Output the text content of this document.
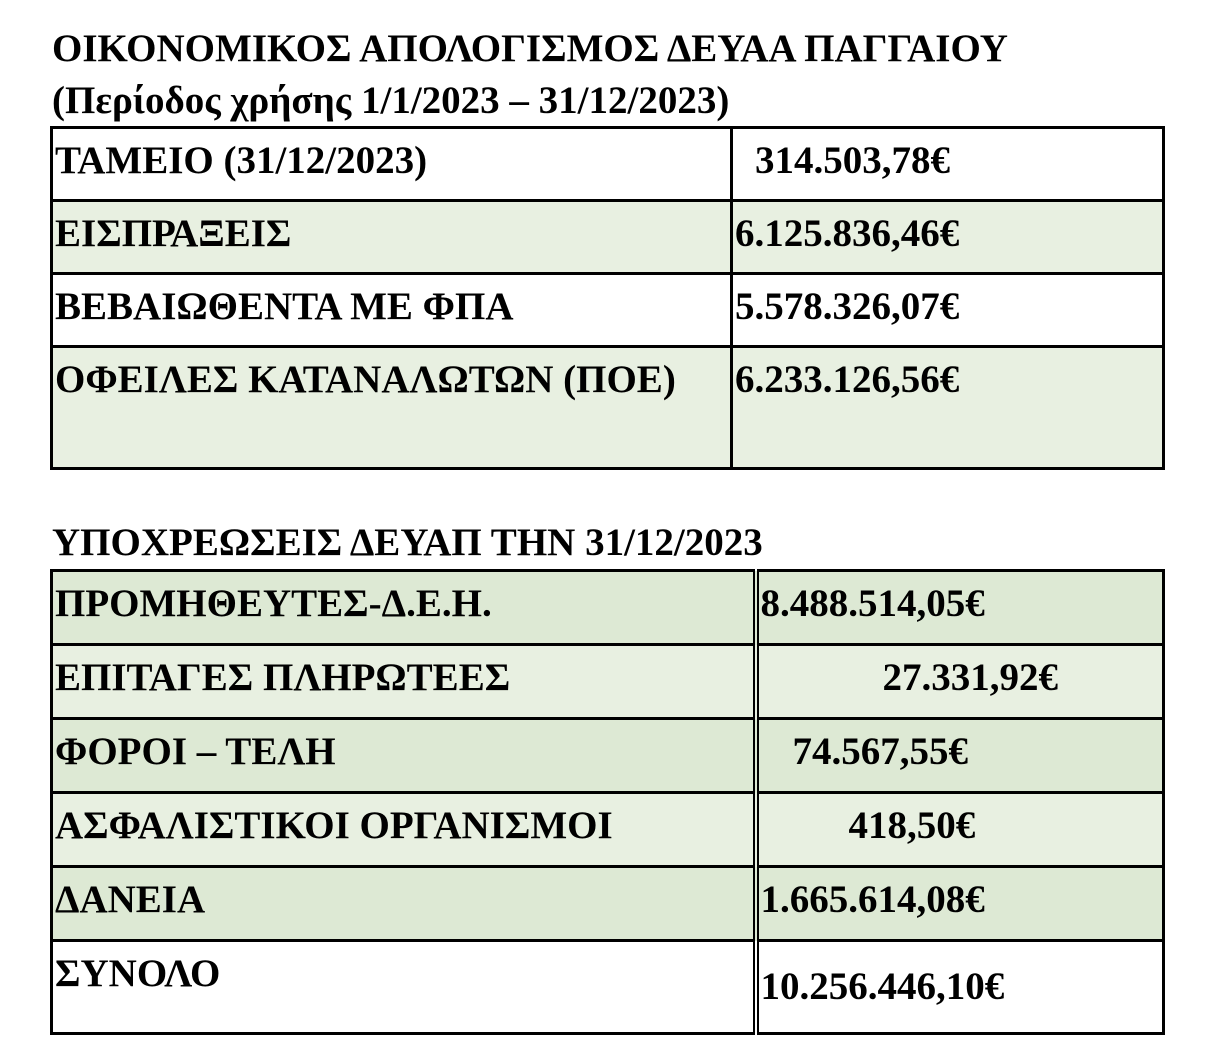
ΟΙΚΟΝΟΜΙΚΟΣ ΑΠΟΛΟΓΙΣΜΟΣ ΔΕΥΑΑ ΠΑΓΓΑΙΟΥ
(Περίοδος χρήσης 1/1/2023 – 31/12/2023)
ΤΑΜΕΙΟ (31/12/2023)	314.503,78€
ΕΙΣΠΡΑΞΕΙΣ	6.125.836,46€
ΒΕΒΑΙΩΘΕΝΤΑ ΜΕ ΦΠΑ	5.578.326,07€
ΟΦΕΙΛΕΣ ΚΑΤΑΝΑΛΩΤΩΝ (ΠΟΕ)	6.233.126,56€
ΥΠΟΧΡΕΩΣΕΙΣ ΔΕΥΑΠ ΤΗΝ 31/12/2023
ΠΡΟΜΗΘΕΥΤΕΣ-Δ.Ε.Η.	8.488.514,05€
ΕΠΙΤΑΓΕΣ ΠΛΗΡΩΤΕΕΣ	27.331,92€
ΦΟΡΟΙ – ΤΕΛΗ	74.567,55€
ΑΣΦΑΛΙΣΤΙΚΟΙ ΟΡΓΑΝΙΣΜΟΙ	418,50€
ΔΑΝΕΙΑ	1.665.614,08€
ΣΥΝΟΛΟ	10.256.446,10€
